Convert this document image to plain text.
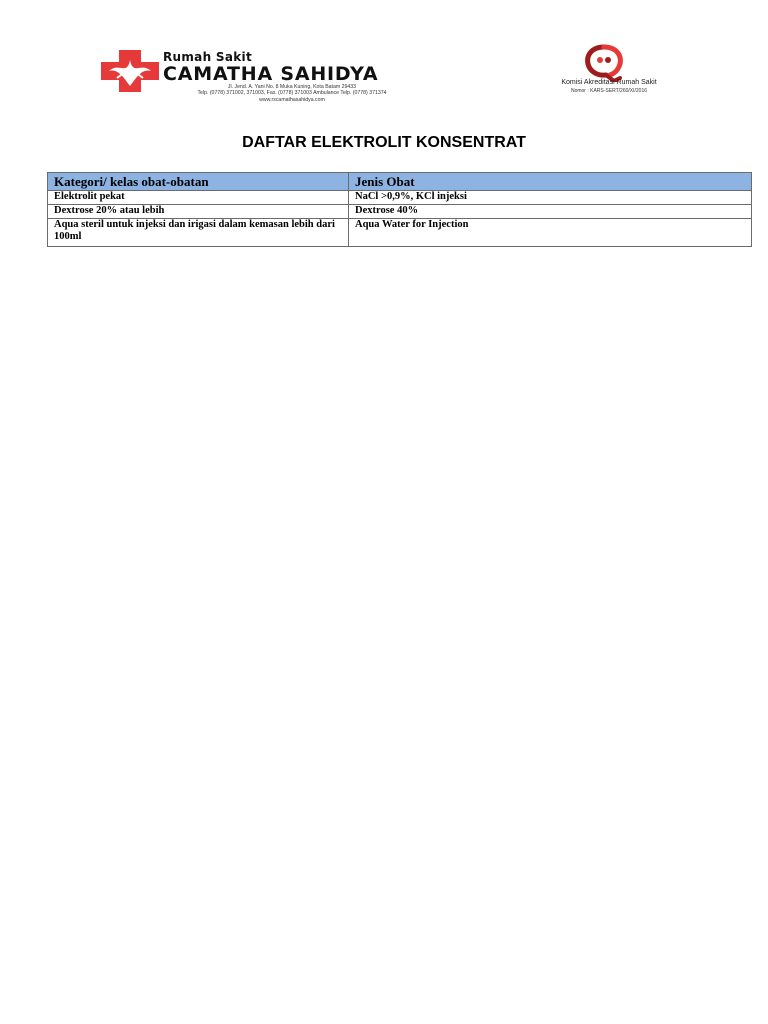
Rumah Sakit
CAMATHA SAHIDYA
Jl. Jend. A. Yani No. 8 Muka Kuning, Kota Batam 29433
Telp. (0778) 371002, 371003, Fax. (0778) 371003 Ambulance Telp. (0778) 371374
www.rscamathasahidya.com
Komisi Akreditasi Rumah Sakit
Nomor : KARS-SERT/260/XI/2016
DAFTAR ELEKTROLIT KONSENTRAT
Kategori/ kelas obat-obatan	Jenis Obat
Elektrolit pekat	NaCl >0,9%, KCl injeksi
Dextrose 20% atau lebih	Dextrose 40%
Aqua steril untuk injeksi dan irigasi dalam kemasan lebih dari 100ml	Aqua Water for Injection
